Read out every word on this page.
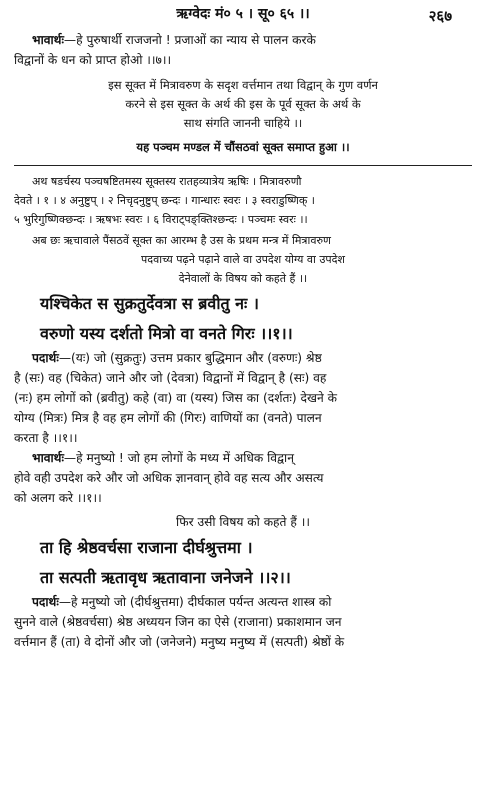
ऋग्वेदः मं० ५ । सू० ६५ ।।	२६७

भावार्थः—हे पुरुषार्थी राजजनो ! प्रजाओं का न्याय से पालन करके

विद्वानों के धन को प्राप्त होओ ।।७।।

इस सूक्त में मित्रावरुण के सदृश वर्त्तमान तथा विद्वान् के गुण वर्णन

करने से इस सूक्त के अर्थ की इस के पूर्व सूक्त के अर्थ के

साथ संगति जाननी चाहिये ।।

यह पञ्चम मण्डल में चौंसठवां सूक्त समाप्त हुआ ।।

अथ षडर्चस्य पञ्चषष्टितमस्य सूक्तस्य रातहव्यात्रेय ऋषिः । मित्रावरुणौ

देवते । १ । ४ अनुष्टुप् । २ निचृदनुष्टुप् छन्दः । गान्धारः स्वरः । ३ स्वराडुष्णिक् ।

५ भुरिगुष्णिक्छन्दः । ऋषभः स्वरः । ६ विराट्पङ्क्तिश्छन्दः । पञ्चमः स्वरः ।।

अब छः ऋचावाले पैंसठवें सूक्त का आरम्भ है उस के प्रथम मन्त्र में मित्रावरुण

पदवाच्य पढ़ने पढ़ाने वाले वा उपदेश योग्य वा उपदेश

देनेवालों के विषय को कहते हैं ।।

यश्चिकेत स सुक्रतुर्देवत्रा स ब्रवीतु नः ।
वरुणो यस्य दर्शतो मित्रो वा वनते गिरः ।।१।।

पदार्थः—(यः) जो (सुक्रतुः) उत्तम प्रकार बुद्धिमान और (वरुणः) श्रेष्ठ

है (सः) वह (चिकेत) जाने और जो (देवत्रा) विद्वानों में विद्वान् है (सः) वह

(नः) हम लोगों को (ब्रवीतु) कहे (वा) वा (यस्य) जिस का (दर्शतः) देखने के

योग्य (मित्रः) मित्र है वह हम लोगों की (गिरः) वाणियों का (वनते) पालन

करता है ।।१।।

भावार्थः—हे मनुष्यो ! जो हम लोगों के मध्य में अधिक विद्वान्

होवे वही उपदेश करे और जो अधिक ज्ञानवान् होवे वह सत्य और असत्य

को अलग करे ।।१।।

फिर उसी विषय को कहते हैं ।।

ता हि श्रेष्ठवर्चसा राजाना दीर्घश्रुत्तमा ।
ता सत्पती ऋतावृध ऋतावाना जनेजने ।।२।।

पदार्थः—हे मनुष्यो जो (दीर्घश्रुत्तमा) दीर्घकाल पर्यन्त अत्यन्त शास्त्र को

सुनने वाले (श्रेष्ठवर्चसा) श्रेष्ठ अध्ययन जिन का ऐसे (राजाना) प्रकाशमान जन

वर्त्तमान हैं (ता) वे दोनों और जो (जनेजने) मनुष्य मनुष्य में (सत्पती) श्रेष्ठों के
